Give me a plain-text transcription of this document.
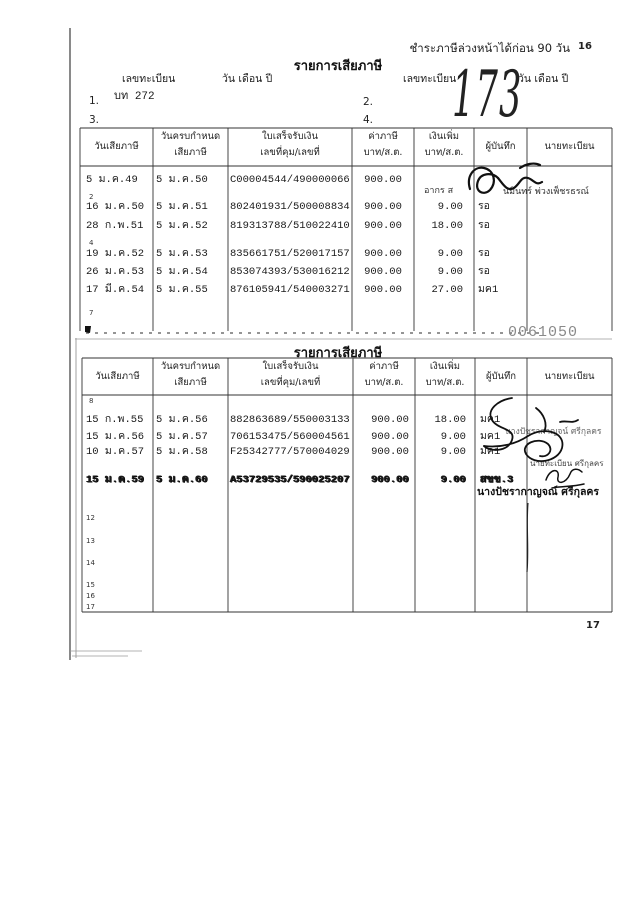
ชำระภาษีล่วงหน้าได้ก่อน 90 วัน 16
17
รายการเสียภาษี
เลขทะเบียน	วัน เดือน ปี	เลขทะเบียน	วัน เดือน ปี
173
1. บท 272	2.
3.	4.
อากร ส	นมินทร์ พ่วงเพ็ชรธรณ์
0061050
รายการเสียภาษี
นางปัชรากาญจน์ ศรีกุลคร
นายทะเบียน ศรีกุลคร
นางปัชรากาญจณ์ ศรีกุลคร
วันเสียภาษี
วันครบกำหนด
เสียภาษี
ใบเสร็จรับเงิน
เลขที่คุม/เลขที่
ค่าภาษี
บาท/ส.ต.
เงินเพิ่ม
บาท/ส.ต.
ผู้บันทึก	นายทะเบียน
5 ม.ค.49 5 ม.ค.50 C00004544/490000066	900.00
16 ม.ค.50 5 ม.ค.51 802401931/500008834	900.00	9.00 รอ
28 ก.พ.51 5 ม.ค.52 819313788/510022410	900.00	18.00 รอ
19 ม.ค.52 5 ม.ค.53 835661751/520017157	900.00	9.00 รอ
26 ม.ค.53 5 ม.ค.54 853074393/530016212	900.00	9.00 รอ
17 มี.ค.54 5 ม.ค.55 876105941/540003271	900.00	27.00 มค1
2
4
7
วันเสียภาษี
วันครบกำหนด
เสียภาษี
ใบเสร็จรับเงิน
เลขที่คุม/เลขที่
ค่าภาษี
บาท/ส.ต.
เงินเพิ่ม
บาท/ส.ต.
ผู้บันทึก	นายทะเบียน
15 ก.พ.55 5 ม.ค.56 882863689/550003133	900.00	18.00 มค1
15 ม.ค.56 5 ม.ค.57 706153475/560004561	900.00	9.00 มค1
10 ม.ค.57 5 ม.ค.58 F25342777/570004029	900.00	9.00 มค1
15 ม.ค.59 5 ม.ค.60 A53729535/590025207	900.00	9.00 สขข.3
8
12
13
14
15
16
17
